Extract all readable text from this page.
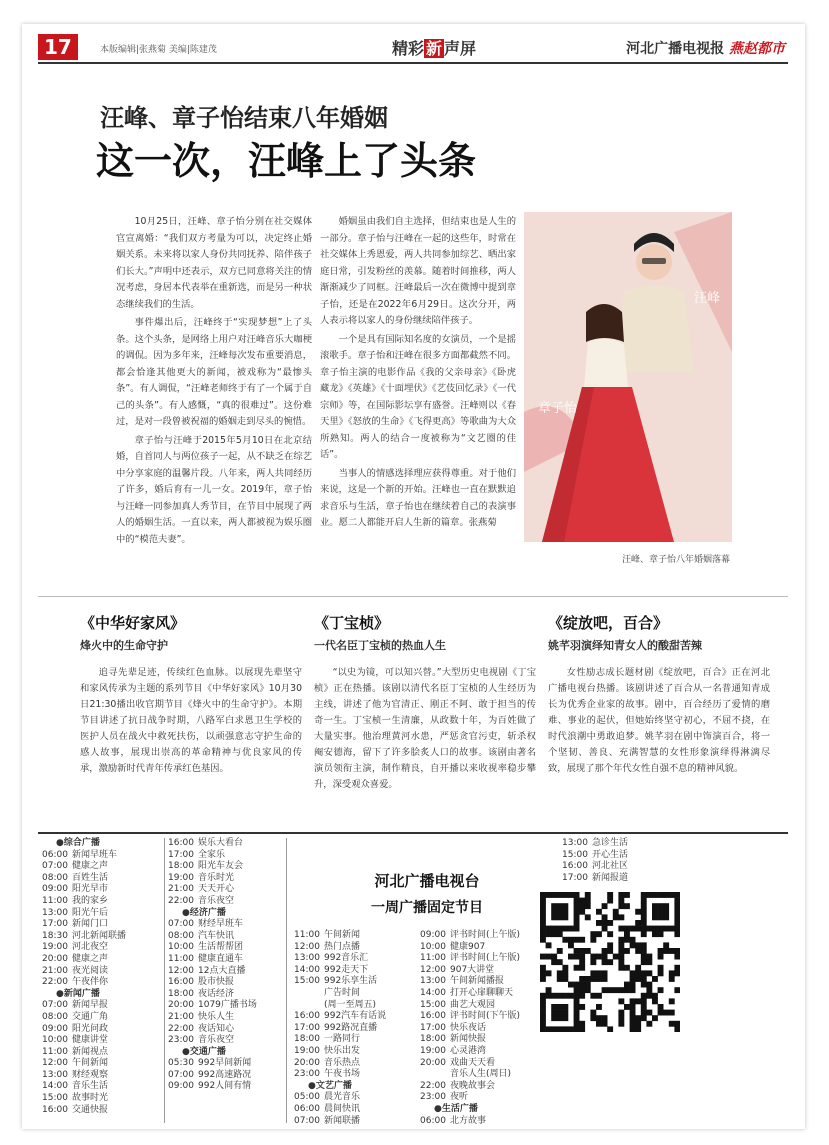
17	本版编辑|张燕菊 美编|陈建茂	精彩 新 声屏	河北广播电视报 燕赵都市
汪峰、章子怡结束八年婚姻
这一次，汪峰上了头条

10月25日，汪峰、章子怡分别在社交媒体官宣离婚：“我们双方考量为可以，决定终止婚姻关系。未来将以家人身份共同抚养、陪伴孩子们长大。”声明中还表示，双方已同意将关注的情况考虑，身居本代表举在重新选，而是另一种状态继续我们的生活。

事件爆出后，汪峰终于“实现梦想”上了头条。这个头条，是网络上用户对汪峰音乐大咖梗的调侃。因为多年来，汪峰每次发布重要消息，都会恰逢其他更大的新闻，被戏称为“最惨头条”。有人调侃，“汪峰老师终于有了一个属于自己的头条”。有人感慨，“真的很难过”。这份难过，是对一段曾被祝福的婚姻走到尽头的惋惜。

章子怡与汪峰于2015年5月10日在北京结婚，自首同人与两位孩子一起，从不缺乏在综艺中分享家庭的温馨片段。八年来，两人共同经历了许多，婚后育有一儿一女。2019年，章子怡与汪峰一同参加真人秀节目，在节目中展现了两人的婚姻生活。一直以来，两人都被视为娱乐圈中的“模范夫妻”。

婚姻虽由我们自主选择，但结束也是人生的一部分。章子怡与汪峰在一起的这些年，时常在社交媒体上秀恩爱，两人共同参加综艺、晒出家庭日常，引发粉丝的羡慕。随着时间推移，两人渐渐减少了同框。汪峰最后一次在微博中提到章子怡，还是在2022年6月29日。这次分开，两人表示将以家人的身份继续陪伴孩子。

一个是具有国际知名度的女演员，一个是摇滚歌手。章子怡和汪峰在很多方面都截然不同。章子怡主演的电影作品《我的父亲母亲》《卧虎藏龙》《英雄》《十面埋伏》《艺伎回忆录》《一代宗师》等，在国际影坛享有盛誉。汪峰则以《春天里》《怒放的生命》《飞得更高》等歌曲为大众所熟知。两人的结合一度被称为“文艺圈的佳话”。

当事人的情感选择理应获得尊重。对于他们来说，这是一个新的开始。汪峰也一直在默默追求音乐与生活，章子怡也在继续着自己的表演事业。愿二人都能开启人生新的篇章。张燕菊

汪峰
章子怡
汪峰、章子怡八年婚姻落幕
《中华好家风》
烽火中的生命守护
追寻先辈足迹，传续红色血脉。以展现先辈坚守和家风传承为主题的系列节目《中华好家风》10月30日21:30播出收官期节目《烽火中的生命守护》。本期节目讲述了抗日战争时期，八路军白求恩卫生学校的医护人员在战火中救死扶伤，以顽强意志守护生命的感人故事，展现出崇高的革命精神与优良家风的传承，激励新时代青年传承红色基因。
《丁宝桢》
一代名臣丁宝桢的热血人生
“以史为镜，可以知兴替。”大型历史电视剧《丁宝桢》正在热播。该剧以清代名臣丁宝桢的人生经历为主线，讲述了他为官清正、刚正不阿、敢于担当的传奇一生。丁宝桢一生清廉，从政数十年，为百姓做了大量实事。他治理黄河水患，严惩贪官污吏，斩杀权阉安德海，留下了许多脍炙人口的故事。该剧由著名演员领衔主演，制作精良，自开播以来收视率稳步攀升，深受观众喜爱。
《绽放吧，百合》
姚芊羽演绎知青女人的酸甜苦辣
女性励志成长题材剧《绽放吧，百合》正在河北广播电视台热播。该剧讲述了百合从一名普通知青成长为优秀企业家的故事。剧中，百合经历了爱情的磨难、事业的起伏，但她始终坚守初心，不屈不挠，在时代浪潮中勇敢追梦。姚芊羽在剧中饰演百合，将一个坚韧、善良、充满智慧的女性形象演绎得淋漓尽致，展现了那个年代女性自强不息的精神风貌。
●综合广播
06:00 新闻早班车
07:00 健康之声
08:00 百姓生活
09:00 阳光早市
11:00 我的家乡
13:00 阳光午后
17:00 新闻门口
18:30 河北新闻联播
19:00 河北夜空
20:00 健康之声
21:00 夜光阅读
22:00 午夜伴你
●新闻广播
07:00 新闻早报
08:00 交通广角
09:00 阳光问政
10:00 健康讲堂
11:00 新闻视点
12:00 午间新闻
13:00 财经观察
14:00 音乐生活
15:00 故事时光
16:00 交通快报
16:00 娱乐大看台
17:00 全家乐
18:00 阳光车友会
19:00 音乐时光
21:00 天天开心
22:00 音乐夜空
●经济广播
07:00 财经早班车
08:00 汽车快讯
10:00 生活帮帮团
11:00 健康直通车
12:00 12点大直播
16:00 股市快报
18:00 夜话经济
20:00 1079广播书场
21:00 快乐人生
22:00 夜话知心
23:00 音乐夜空
●交通广播
05:30 992早间新闻
07:00 992高速路况
09:00 992人间有情
河北广播电视台
一周广播固定节目
11:00 午间新闻
12:00 热门点播
13:00 992音乐汇
14:00 992走天下
15:00 992乐享生活
广告时间
(周一至周五)
16:00 992汽车有话说
17:00 992路况直播
18:00 一路同行
19:00 快乐出发
20:00 音乐热点
23:00 午夜书场
●文艺广播
05:00 晨光音乐
06:00 晨间快讯
07:00 新闻联播
09:00 评书时间(上午版)
10:00 健康907
11:00 评书时间(上午版)
12:00 907大讲堂
13:00 午间新闻播报
14:00 打开心扉聊聊天
15:00 曲艺大观园
16:00 评书时间(下午版)
17:00 快乐夜话
18:00 新闻快报
19:00 心灵港湾
20:00 戏曲天天看
音乐人生(周日)
22:00 夜晚故事会
23:00 夜听
●生活广播
06:00 北方故事
13:00 急诊生活
15:00 开心生活
16:00 河北社区
17:00 新闻报道
